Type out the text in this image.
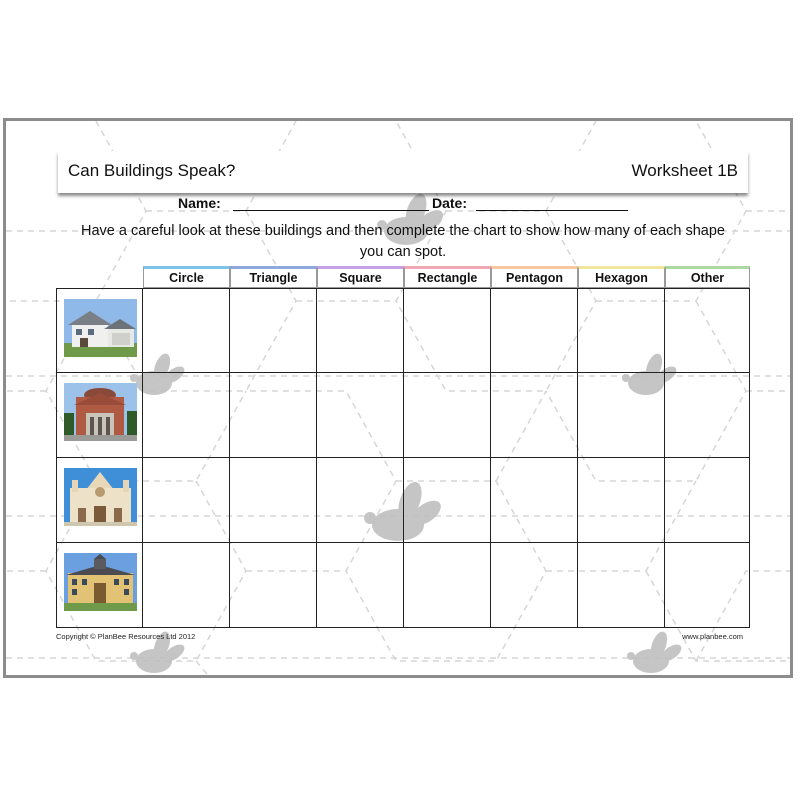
Can Buildings Speak?	Worksheet 1B
Name:	Date:
Have a careful look at these buildings and then complete the chart to show how many of each shape you can spot.
Circle	Triangle	Square	Rectangle	Pentagon	Hexagon	Other
Copyright © PlanBee Resources Ltd 2012	www.planbee.com
